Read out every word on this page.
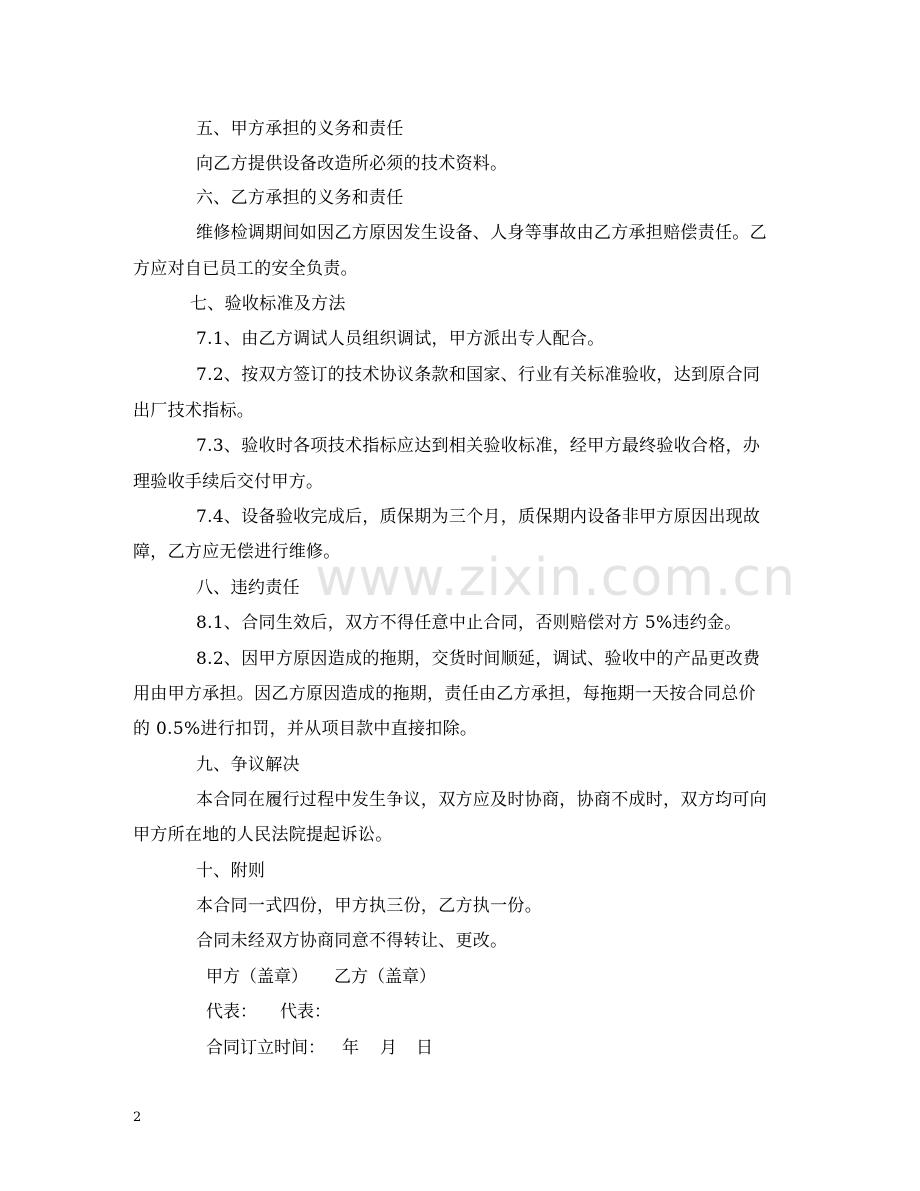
www.zixin.com.cn
五、甲方承担的义务和责任
向乙方提供设备改造所必须的技术资料。
六、乙方承担的义务和责任
维修检调期间如因乙方原因发生设备、人身等事故由乙方承担赔偿责任。乙
方应对自已员工的安全负责。
七、验收标准及方法
7.1、由乙方调试人员组织调试，甲方派出专人配合。
7.2、按双方签订的技术协议条款和国家、行业有关标准验收，达到原合同
出厂技术指标。
7.3、验收时各项技术指标应达到相关验收标准，经甲方最终验收合格，办
理验收手续后交付甲方。
7.4、设备验收完成后，质保期为三个月，质保期内设备非甲方原因出现故
障，乙方应无偿进行维修。
八、违约责任
8.1、合同生效后，双方不得任意中止合同，否则赔偿对方 5%违约金。
8.2、因甲方原因造成的拖期，交货时间顺延，调试、验收中的产品更改费
用由甲方承担。因乙方原因造成的拖期，责任由乙方承担，每拖期一天按合同总价
的 0.5%进行扣罚，并从项目款中直接扣除。
九、争议解决
本合同在履行过程中发生争议，双方应及时协商，协商不成时，双方均可向
甲方所在地的人民法院提起诉讼。
十、附则
本合同一式四份，甲方执三份，乙方执一份。
合同未经双方协商同意不得转让、更改。
甲方（盖章） 乙方（盖章）
代表： 代表：
合同订立时间： 年 月 日
2
